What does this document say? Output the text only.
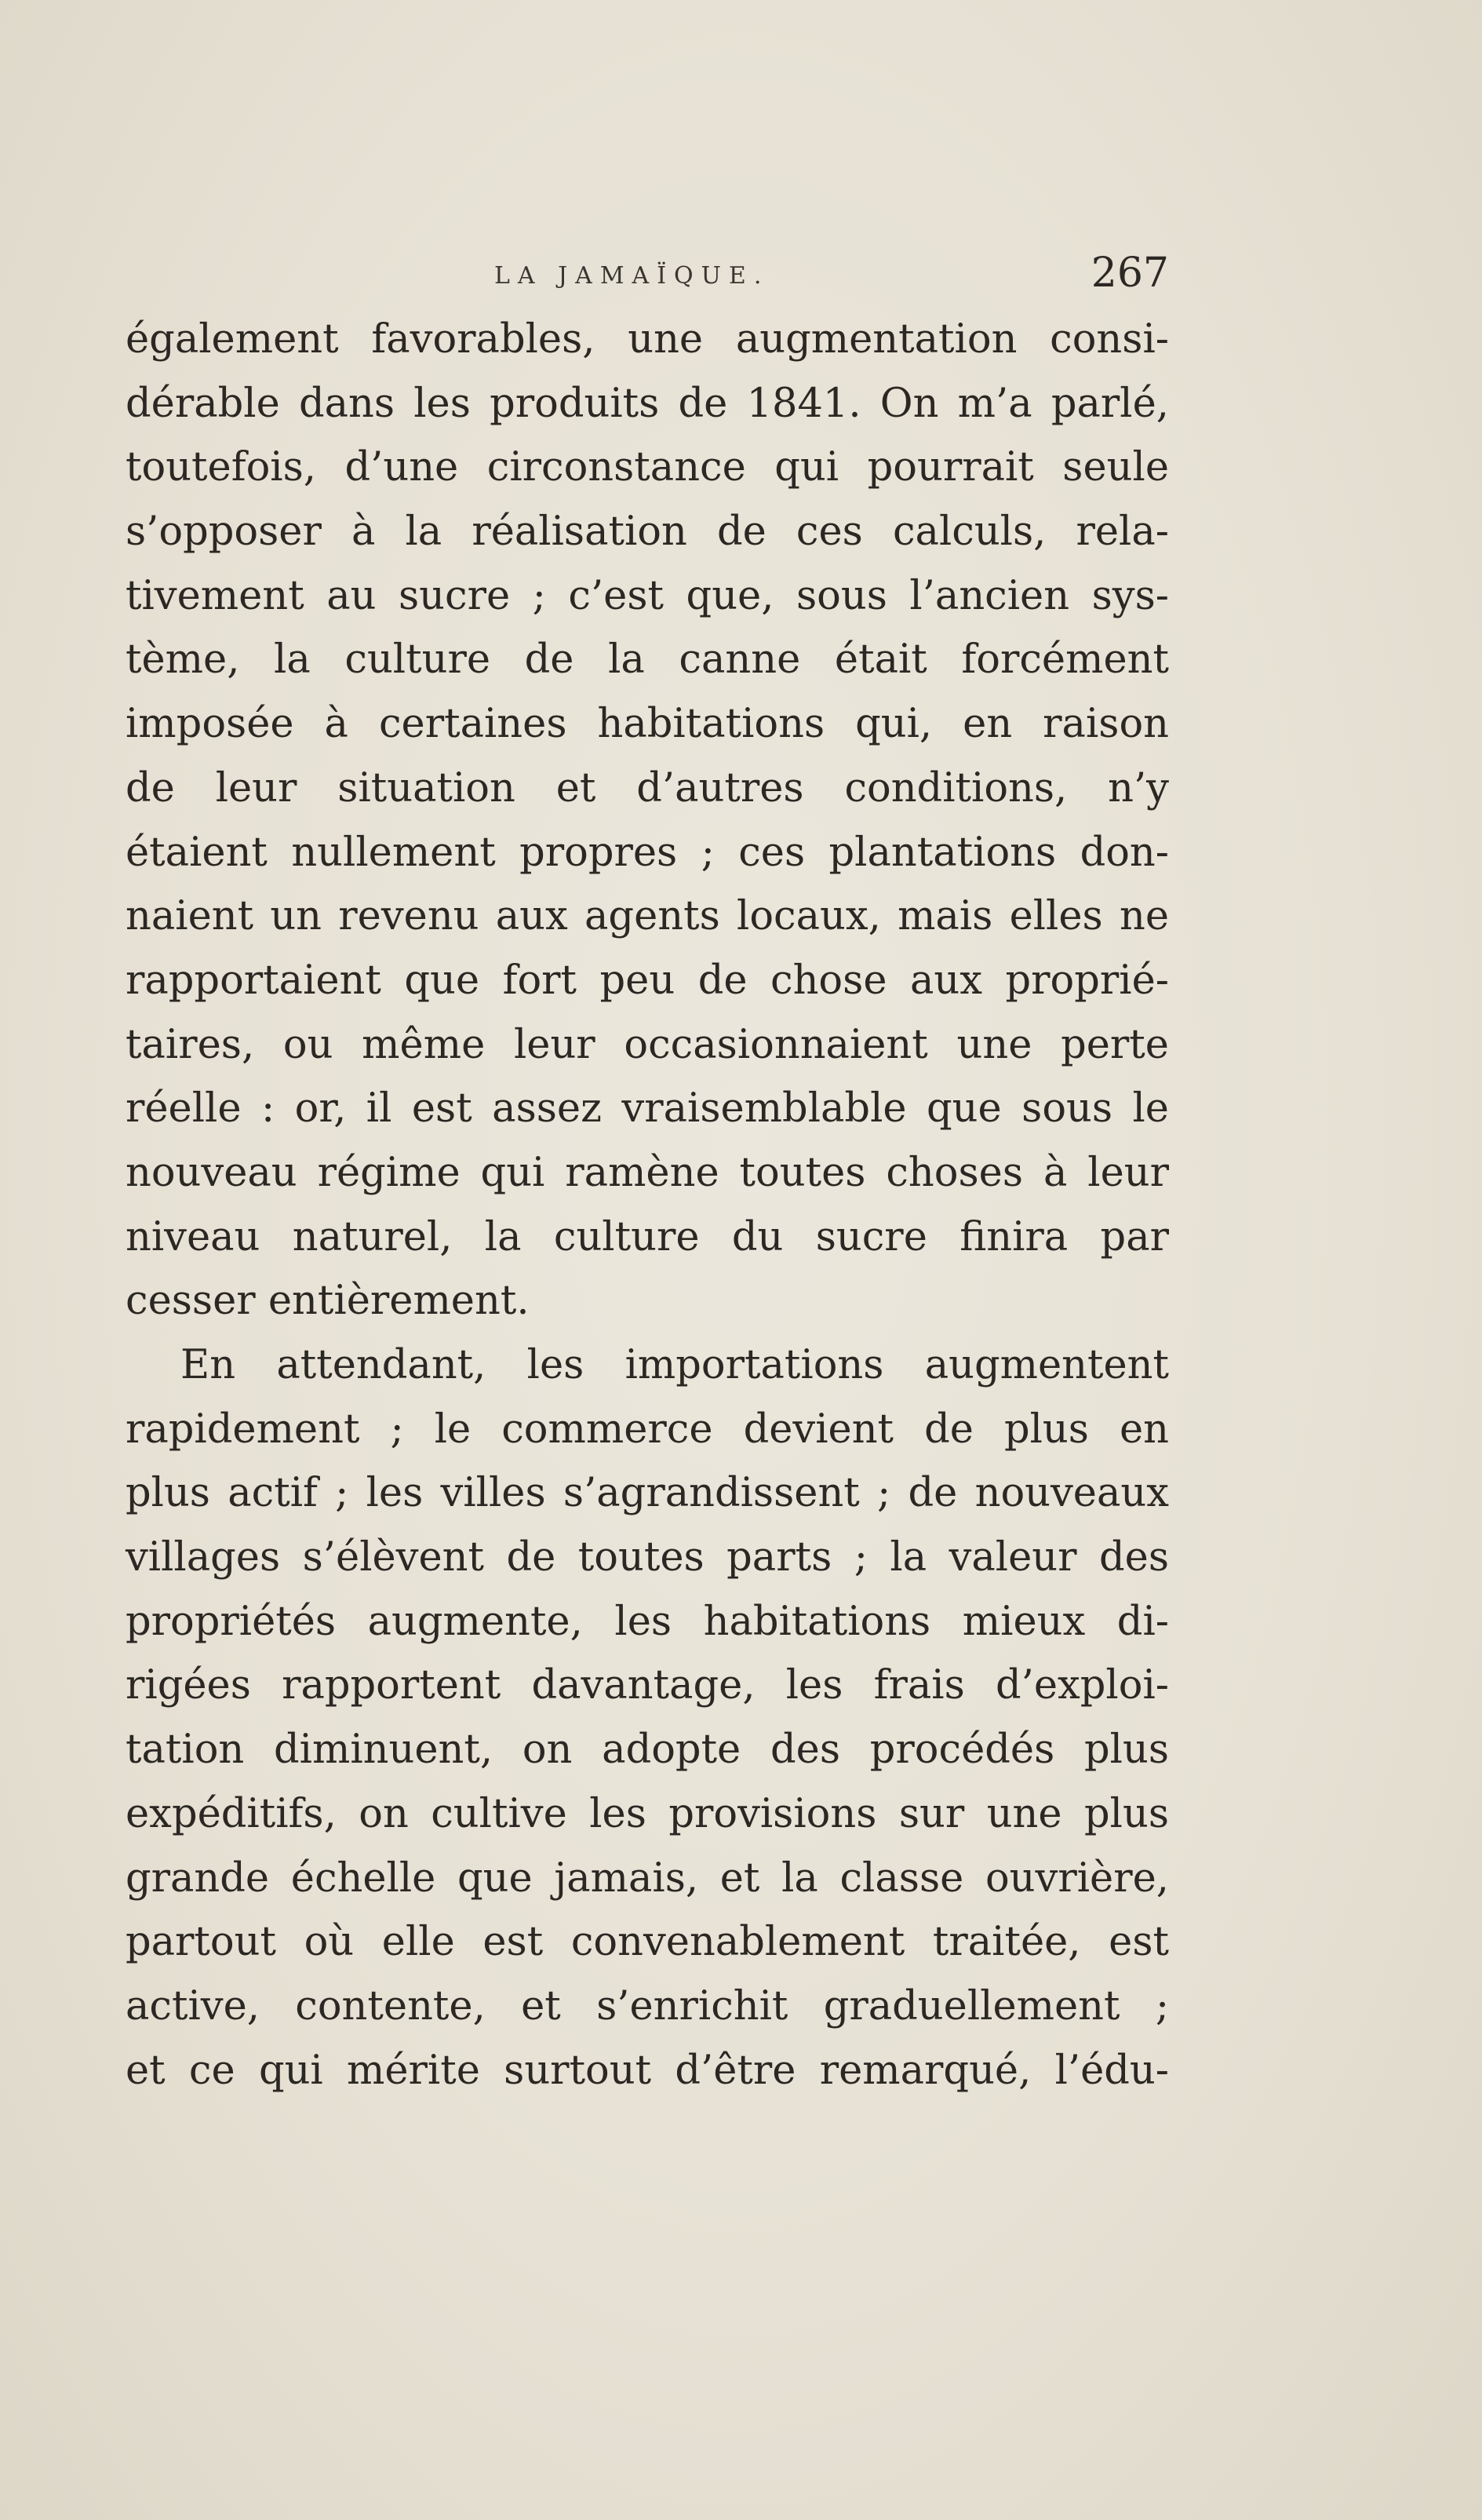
LA JAMAÏQUE.	267
également favorables, une augmentation consi-
dérable dans les produits de 1841. On m’a parlé,
toutefois, d’une circonstance qui pourrait seule
s’opposer à la réalisation de ces calculs, rela-
tivement au sucre ; c’est que, sous l’ancien sys-
tème, la culture de la canne était forcément
imposée à certaines habitations qui, en raison
de leur situation et d’autres conditions, n’y
étaient nullement propres ; ces plantations don-
naient un revenu aux agents locaux, mais elles ne
rapportaient que fort peu de chose aux proprié-
taires, ou même leur occasionnaient une perte
réelle : or, il est assez vraisemblable que sous le
nouveau régime qui ramène toutes choses à leur
niveau naturel, la culture du sucre finira par
cesser entièrement.
En attendant, les importations augmentent
rapidement ; le commerce devient de plus en
plus actif ; les villes s’agrandissent ; de nouveaux
villages s’élèvent de toutes parts ; la valeur des
propriétés augmente, les habitations mieux di-
rigées rapportent davantage, les frais d’exploi-
tation diminuent, on adopte des procédés plus
expéditifs, on cultive les provisions sur une plus
grande échelle que jamais, et la classe ouvrière,
partout où elle est convenablement traitée, est
active, contente, et s’enrichit graduellement ;
et ce qui mérite surtout d’être remarqué, l’édu-
